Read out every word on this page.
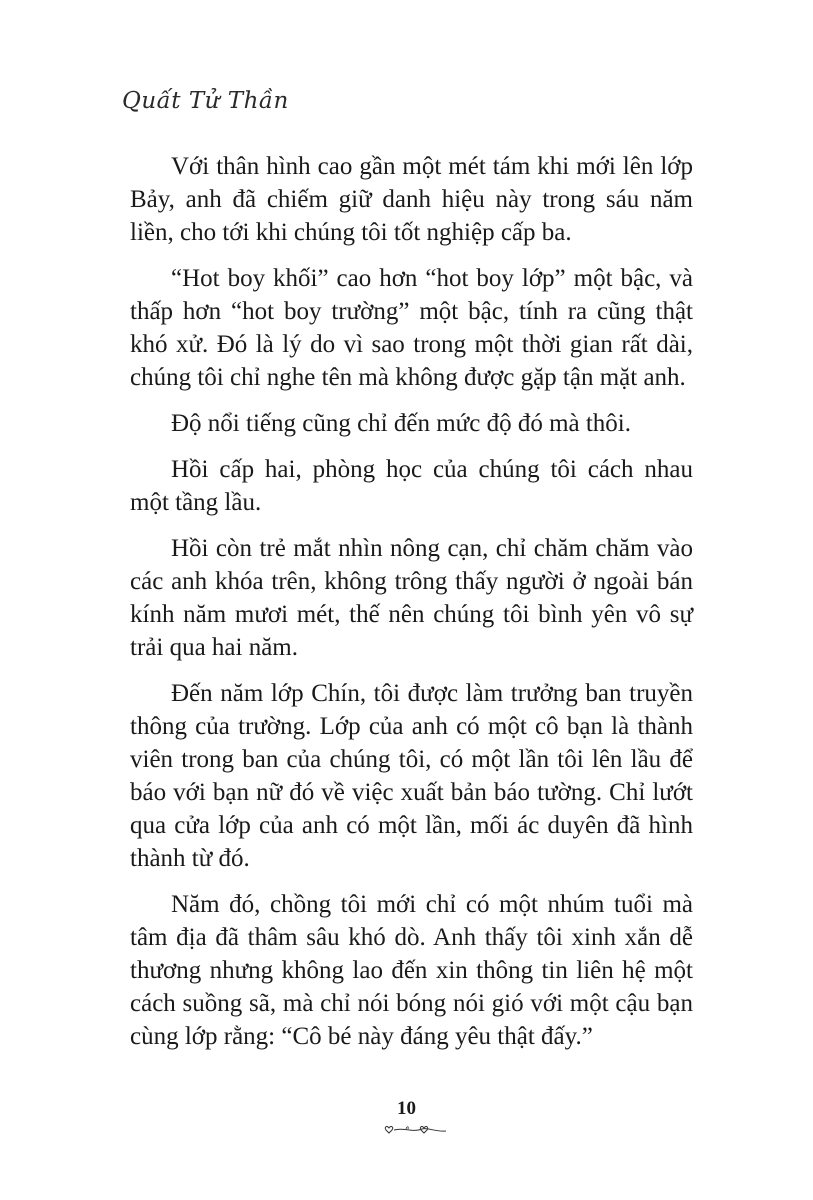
Quất Tử Thần

Với thân hình cao gần một mét tám khi mới lên lớp Bảy, anh đã chiếm giữ danh hiệu này trong sáu năm liền, cho tới khi chúng tôi tốt nghiệp cấp ba.

“Hot boy khối” cao hơn “hot boy lớp” một bậc, và thấp hơn “hot boy trường” một bậc, tính ra cũng thật khó xử. Đó là lý do vì sao trong một thời gian rất dài, chúng tôi chỉ nghe tên mà không được gặp tận mặt anh.

Độ nổi tiếng cũng chỉ đến mức độ đó mà thôi.

Hồi cấp hai, phòng học của chúng tôi cách nhau một tầng lầu.

Hồi còn trẻ mắt nhìn nông cạn, chỉ chăm chăm vào các anh khóa trên, không trông thấy người ở ngoài bán kính năm mươi mét, thế nên chúng tôi bình yên vô sự trải qua hai năm.

Đến năm lớp Chín, tôi được làm trưởng ban truyền thông của trường. Lớp của anh có một cô bạn là thành viên trong ban của chúng tôi, có một lần tôi lên lầu để báo với bạn nữ đó về việc xuất bản báo tường. Chỉ lướt qua cửa lớp của anh có một lần, mối ác duyên đã hình thành từ đó.

Năm đó, chồng tôi mới chỉ có một nhúm tuổi mà tâm địa đã thâm sâu khó dò. Anh thấy tôi xinh xắn dễ thương nhưng không lao đến xin thông tin liên hệ một cách suồng sã, mà chỉ nói bóng nói gió với một cậu bạn cùng lớp rằng: “Cô bé này đáng yêu thật đấy.”

10
